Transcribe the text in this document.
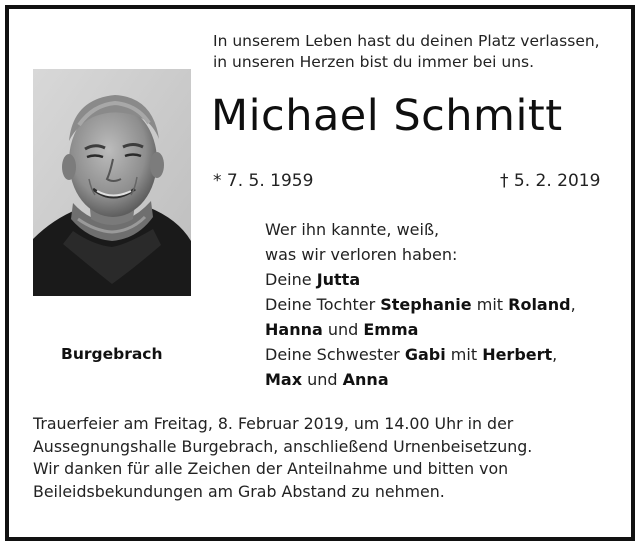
In unserem Leben hast du deinen Platz verlassen,
in unseren Herzen bist du immer bei uns.
Michael Schmitt
* 7. 5. 1959	† 5. 2. 2019
Burgebrach
Wer ihn kannte, weiß,
was wir verloren haben:
Deine Jutta
Deine Tochter Stephanie mit Roland,
Hanna und Emma
Deine Schwester Gabi mit Herbert,
Max und Anna
Trauerfeier am Freitag, 8. Februar 2019, um 14.00 Uhr in der
Aussegnungshalle Burgebrach, anschließend Urnenbeisetzung.
Wir danken für alle Zeichen der Anteilnahme und bitten von
Beileidsbekundungen am Grab Abstand zu nehmen.
